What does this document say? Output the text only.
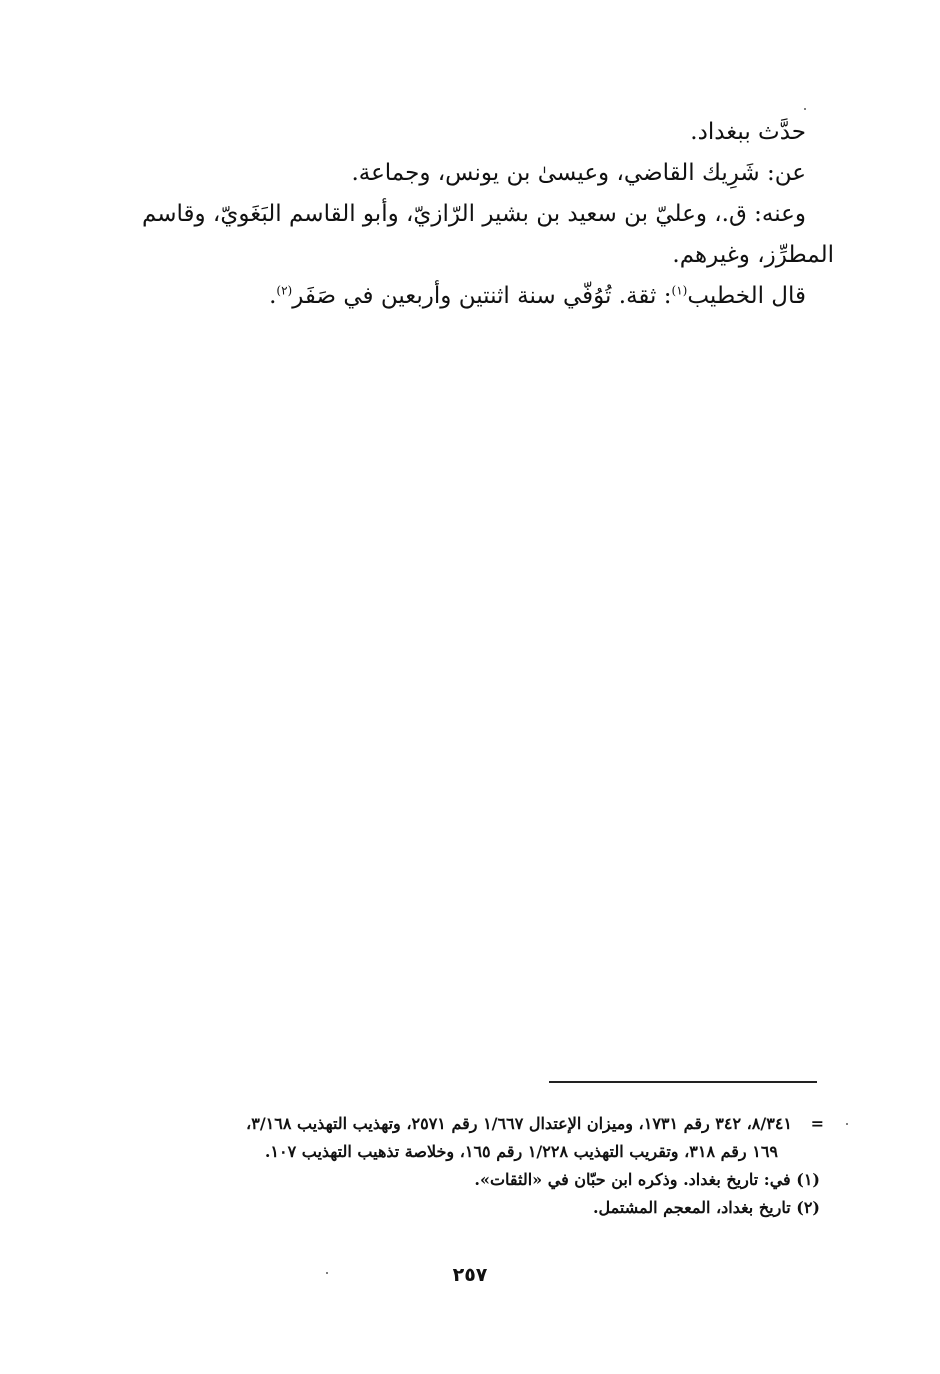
حدَّث ببغداد.

عن: شَرِيك القاضي، وعيسىٰ بن يونس، وجماعة.

وعنه: ق.، وعليّ بن سعيد بن بشير الرّازيّ، وأبو القاسم البَغَويّ، وقاسم

المطرِّز، وغيرهم.

قال الخطيب$^{(١)}$: ثقة. تُوُفّي سنة اثنتين وأربعين في صَفَر$^{(٢)}$.

=٨/٣٤١، ٣٤٢ رقم ١٧٣١، وميزان الإعتدال ١/٦٦٧ رقم ٢٥٧١، وتهذيب التهذيب ٣/١٦٨،

١٦٩ رقم ٣١٨، وتقريب التهذيب ١/٢٢٨ رقم ١٦٥، وخلاصة تذهيب التهذيب ١٠٧.

(١) في: تاريخ بغداد. وذكره ابن حبّان في «الثقات».

(٢) تاريخ بغداد، المعجم المشتمل.

٢٥٧
